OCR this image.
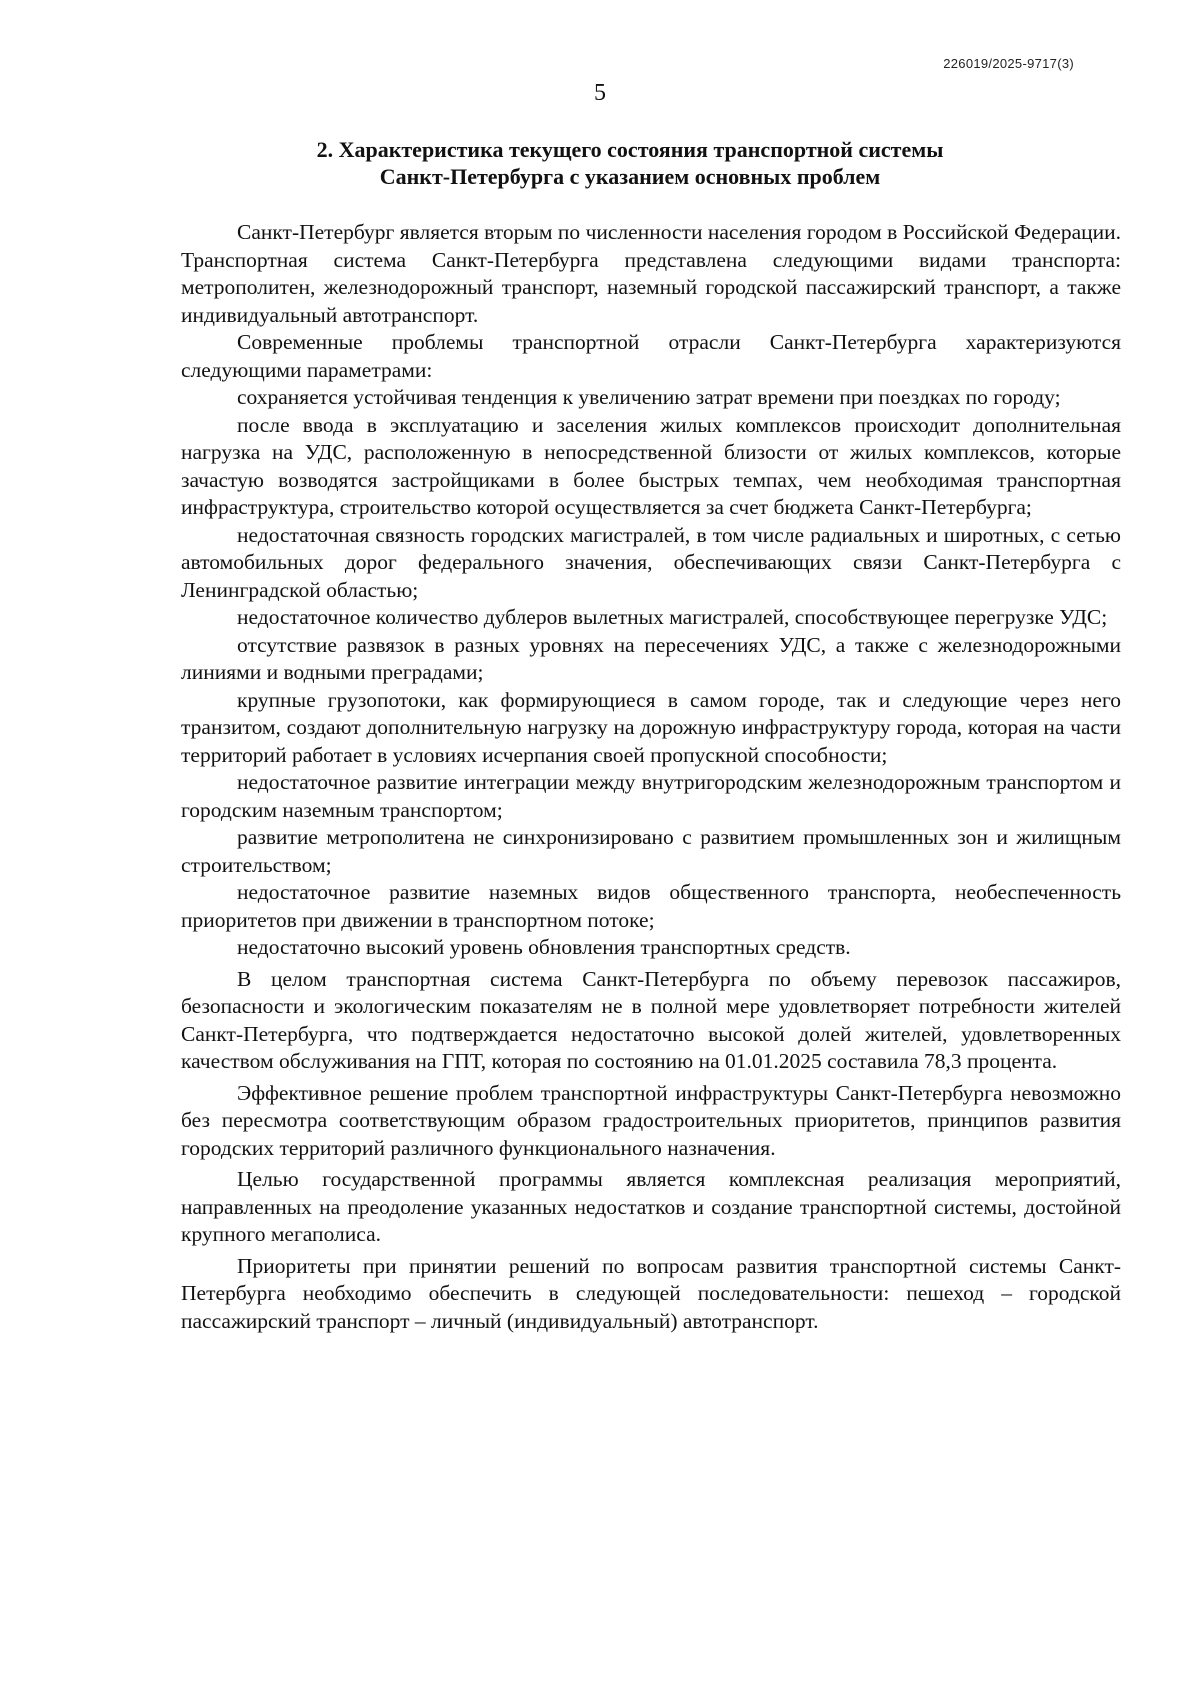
226019/2025-9717(3)
5
2. Характеристика текущего состояния транспортной системы
Санкт-Петербурга с указанием основных проблем

Санкт-Петербург является вторым по численности населения городом в Российской Федерации. Транспортная система Санкт-Петербурга представлена следующими видами транспорта: метрополитен, железнодорожный транспорт, наземный городской пассажирский транспорт, а также индивидуальный автотранспорт.

Современные проблемы транспортной отрасли Санкт-Петербурга характеризуются следующими параметрами:

сохраняется устойчивая тенденция к увеличению затрат времени при поездках по городу;

после ввода в эксплуатацию и заселения жилых комплексов происходит дополнительная нагрузка на УДС, расположенную в непосредственной близости от жилых комплексов, которые зачастую возводятся застройщиками в более быстрых темпах, чем необходимая транспортная инфраструктура, строительство которой осуществляется за счет бюджета Санкт-Петербурга;

недостаточная связность городских магистралей, в том числе радиальных и широтных, с сетью автомобильных дорог федерального значения, обеспечивающих связи Санкт-Петербурга с Ленинградской областью;

недостаточное количество дублеров вылетных магистралей, способствующее перегрузке УДС;

отсутствие развязок в разных уровнях на пересечениях УДС, а также с железнодорожными линиями и водными преградами;

крупные грузопотоки, как формирующиеся в самом городе, так и следующие через него транзитом, создают дополнительную нагрузку на дорожную инфраструктуру города, которая на части территорий работает в условиях исчерпания своей пропускной способности;

недостаточное развитие интеграции между внутригородским железнодорожным транспортом и городским наземным транспортом;

развитие метрополитена не синхронизировано с развитием промышленных зон и жилищным строительством;

недостаточное развитие наземных видов общественного транспорта, необеспеченность приоритетов при движении в транспортном потоке;

недостаточно высокий уровень обновления транспортных средств.

В целом транспортная система Санкт-Петербурга по объему перевозок пассажиров, безопасности и экологическим показателям не в полной мере удовлетворяет потребности жителей Санкт-Петербурга, что подтверждается недостаточно высокой долей жителей, удовлетворенных качеством обслуживания на ГПТ, которая по состоянию на 01.01.2025 составила 78,3 процента.

Эффективное решение проблем транспортной инфраструктуры Санкт-Петербурга невозможно без пересмотра соответствующим образом градостроительных приоритетов, принципов развития городских территорий различного функционального назначения.

Целью государственной программы является комплексная реализация мероприятий, направленных на преодоление указанных недостатков и создание транспортной системы, достойной крупного мегаполиса.

Приоритеты при принятии решений по вопросам развития транспортной системы Санкт-Петербурга необходимо обеспечить в следующей последовательности: пешеход – городской пассажирский транспорт – личный (индивидуальный) автотранспорт.
